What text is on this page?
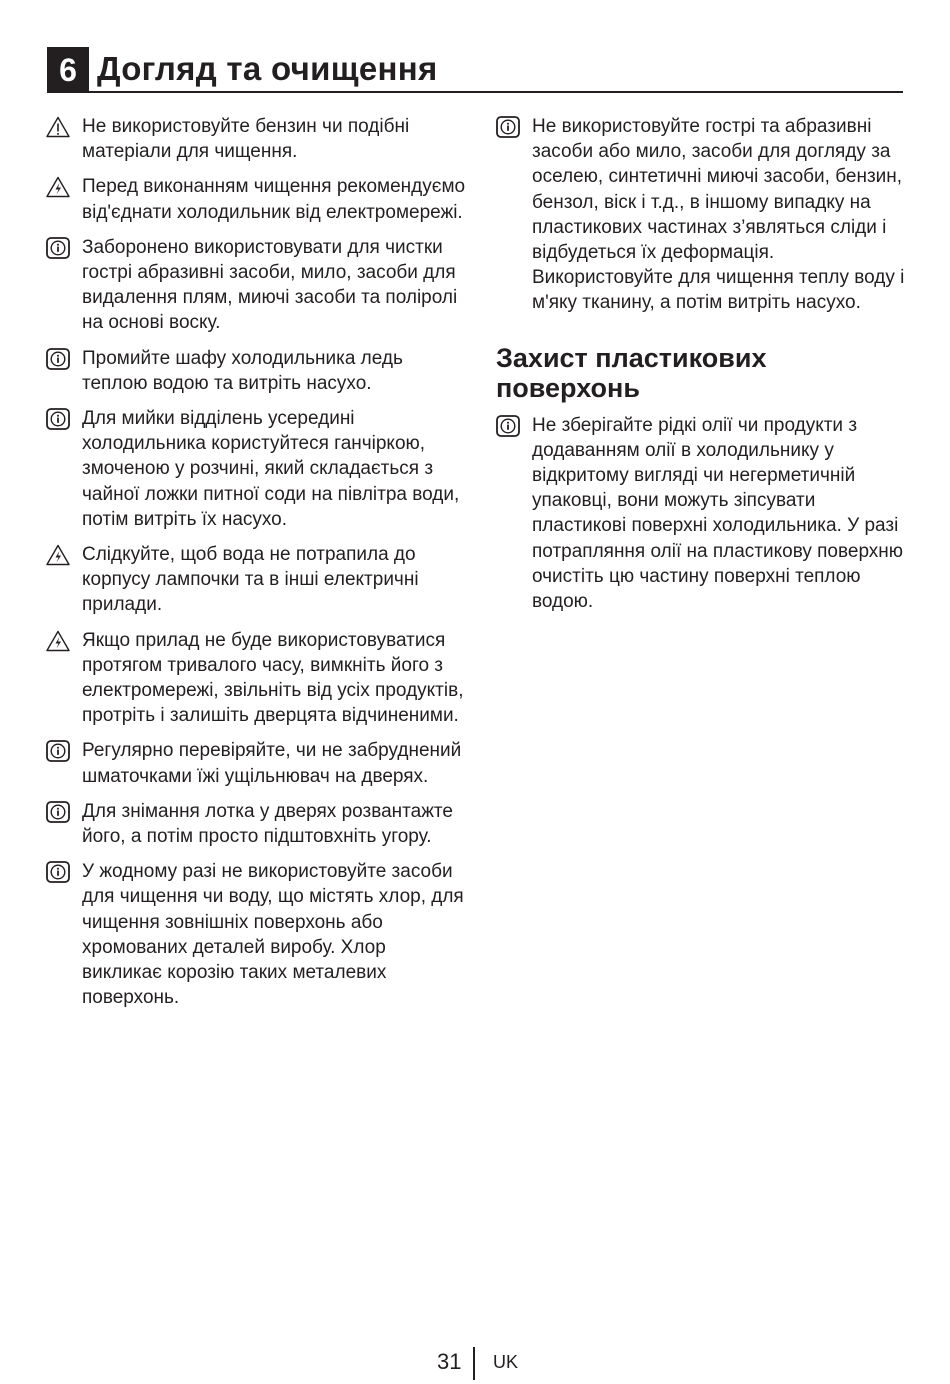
6 Догляд та очищення
Не використовуйте бензин чи подібні матеріали для чищення.
Перед виконанням чищення рекомендуємо від'єднати холодильник від електромережі.
Заборонено використовувати для чистки гострі абразивні засоби, мило, засоби для видалення плям, миючі засоби та поліролі на основі воску.
Промийте шафу холодильника ледь теплою водою та витріть насухо.
Для мийки відділень усередині холодильника користуйтеся ганчіркою, змоченою у розчині, який складається з чайної ложки питної соди на півлітра води, потім витріть їх насухо.
Слідкуйте, щоб вода не потрапила до корпусу лампочки та в інші електричні прилади.
Якщо прилад не буде використовуватися протягом тривалого часу, вимкніть його з електромережі, звільніть від усіх продуктів, протріть і залишіть дверцята відчиненими.
Регулярно перевіряйте, чи не забруднений шматочками їжі ущільнювач на дверях.
Для знімання лотка у дверях розвантажте його, а потім просто підштовхніть угору.
У жодному разі не використовуйте засоби для чищення чи воду, що містять хлор, для чищення зовнішніх поверхонь або хромованих деталей виробу. Хлор викликає корозію таких металевих поверхонь.
Не використовуйте гострі та абразивні засоби або мило, засоби для догляду за оселею, синтетичні миючі засоби, бензин, бензол, віск і т.д., в іншому випадку на пластикових частинах з’являться сліди і відбудеться їх деформація. Використовуйте для чищення теплу воду і м'яку тканину, а потім витріть насухо.
Захист пластикових поверхонь
Не зберігайте рідкі олії чи продукти з додаванням олії в холодильнику у відкритому вигляді чи негерметичній упаковці, вони можуть зіпсувати пластикові поверхні холодильника. У разі потрапляння олії на пластикову поверхню очистіть цю частину поверхні теплою водою.
31 UK
